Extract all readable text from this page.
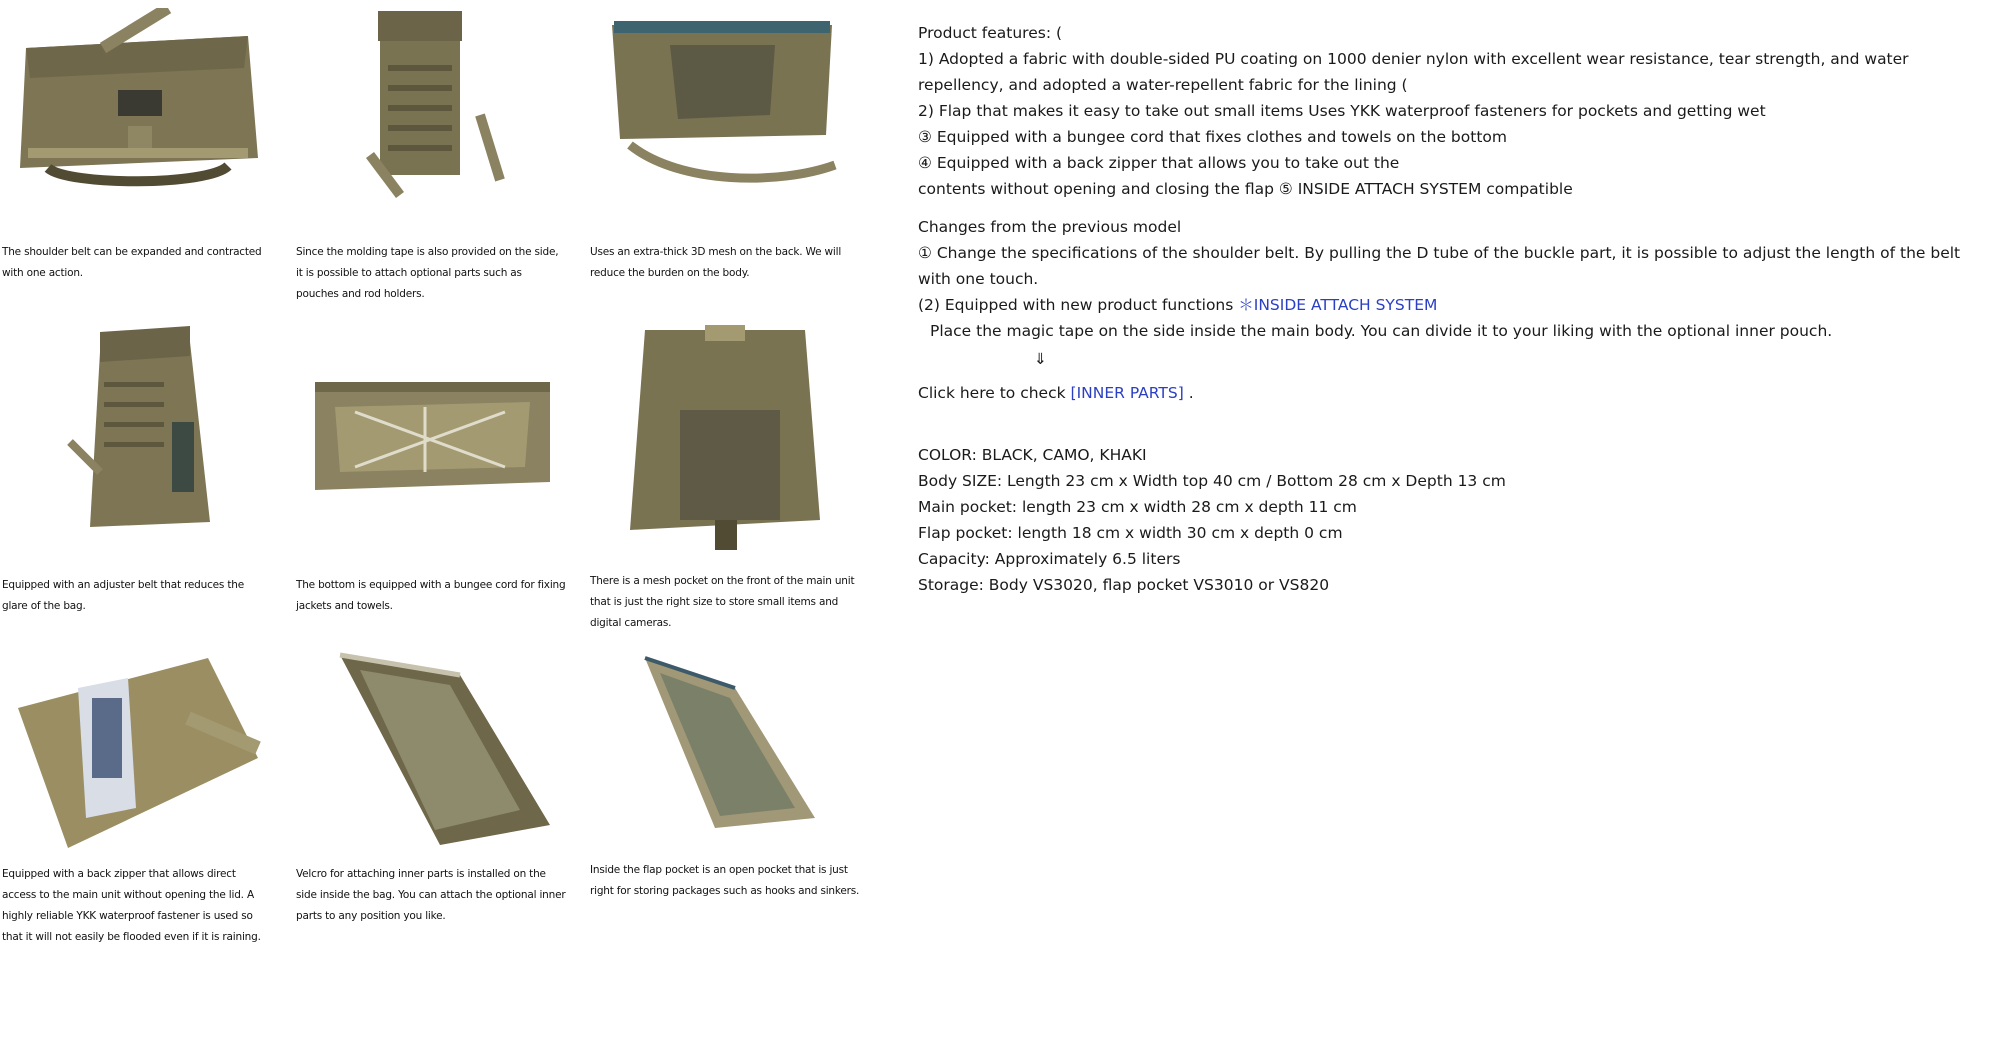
The shoulder belt can be expanded and contracted with one action.
Since the molding tape is also provided on the side, it is possible to attach optional parts such as pouches and rod holders.
Uses an extra-thick 3D mesh on the back. We will reduce the burden on the body.
Equipped with an adjuster belt that reduces the glare of the bag.
The bottom is equipped with a bungee cord for fixing jackets and towels.
There is a mesh pocket on the front of the main unit that is just the right size to store small items and digital cameras.
Equipped with a back zipper that allows direct access to the main unit without opening the lid. A highly reliable YKK waterproof fastener is used so that it will not easily be flooded even if it is raining.
Velcro for attaching inner parts is installed on the side inside the bag. You can attach the optional inner parts to any position you like.
Inside the flap pocket is an open pocket that is just right for storing packages such as hooks and sinkers.

Product features: (

1) Adopted a fabric with double-sided PU coating on 1000 denier nylon with excellent wear resistance, tear strength, and water repellency, and adopted a water-repellent fabric for the lining (

2) Flap that makes it easy to take out small items Uses YKK waterproof fasteners for pockets and getting wet

③ Equipped with a bungee cord that fixes clothes and towels on the bottom

④ Equipped with a back zipper that allows you to take out the

contents without opening and closing the flap ⑤ INSIDE ATTACH SYSTEM compatible

Changes from the previous model

① Change the specifications of the shoulder belt. By pulling the D tube of the buckle part, it is possible to adjust the length of the belt with one touch.

(2) Equipped with new product functions ＊INSIDE ATTACH SYSTEM

Place the magic tape on the side inside the main body. You can divide it to your liking with the optional inner pouch.

⇓

Click here to check [INNER PARTS] .

COLOR: BLACK, CAMO, KHAKI

Body SIZE: Length 23 cm x Width top 40 cm / Bottom 28 cm x Depth 13 cm

Main pocket: length 23 cm x width 28 cm x depth 11 cm

Flap pocket: length 18 cm x width 30 cm x depth 0 cm

Capacity: Approximately 6.5 liters

Storage: Body VS3020, flap pocket VS3010 or VS820
